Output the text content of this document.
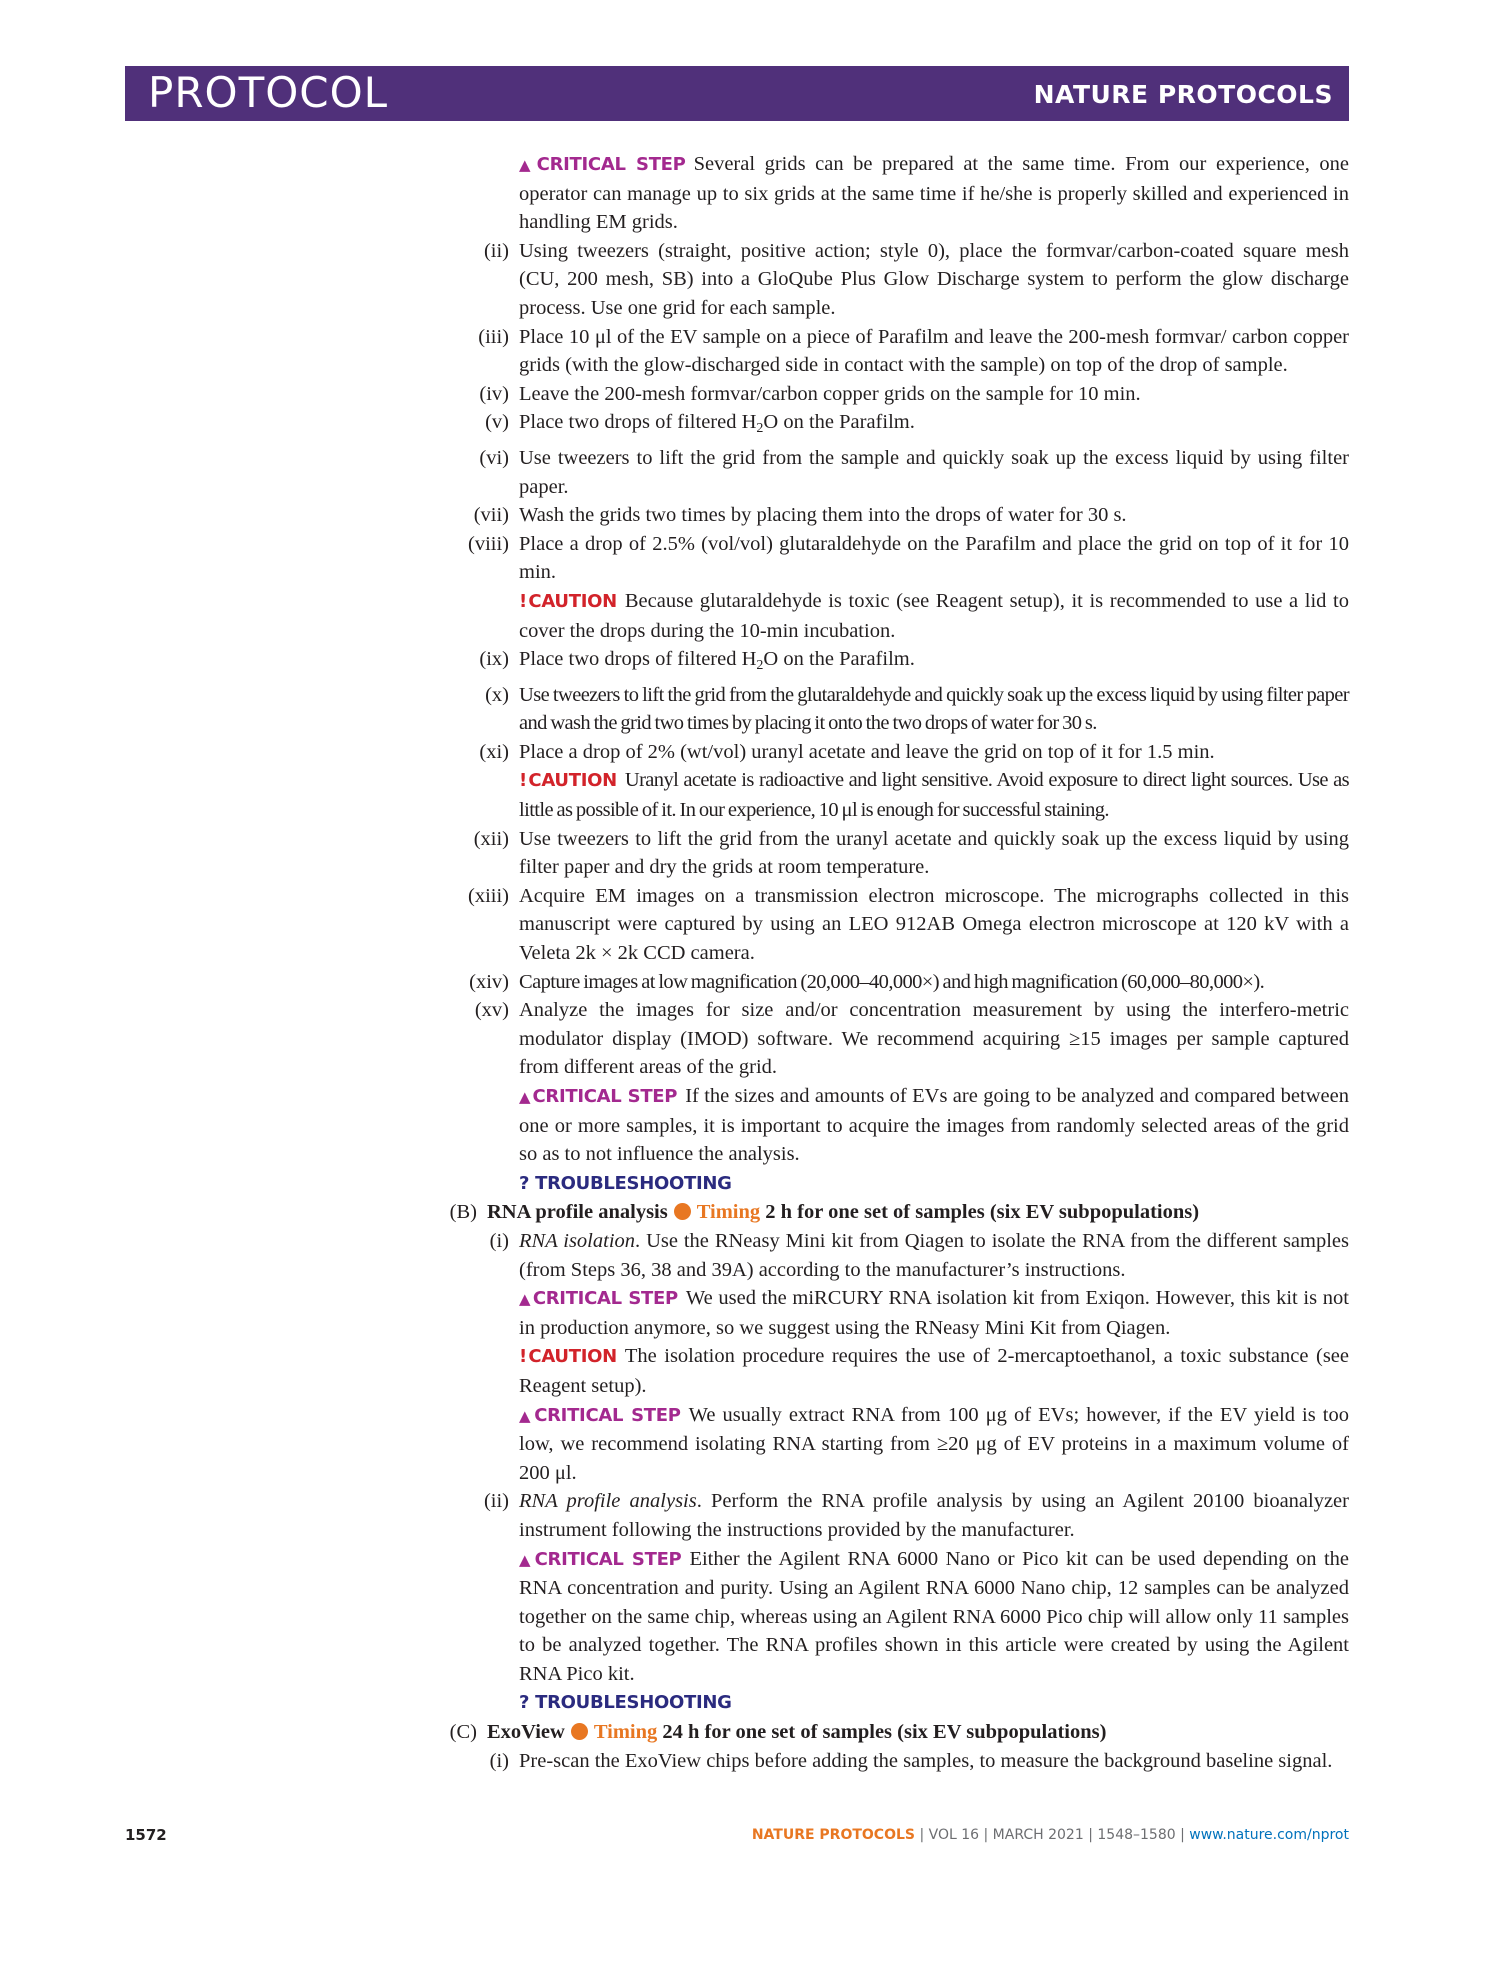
PROTOCOL	NATURE PROTOCOLS
▲ CRITICAL STEP Several grids can be prepared at the same time. From our experience, one operator can manage up to six grids at the same time if he/she is properly skilled and experienced in handling EM grids.
(ii) Using tweezers (straight, positive action; style 0), place the formvar/carbon-coated square mesh (CU, 200 mesh, SB) into a GloQube Plus Glow Discharge system to perform the glow discharge process. Use one grid for each sample.
(iii) Place 10 μl of the EV sample on a piece of Parafilm and leave the 200-mesh formvar/ carbon copper grids (with the glow-discharged side in contact with the sample) on top of the drop of sample.
(iv) Leave the 200-mesh formvar/carbon copper grids on the sample for 10 min.
(v) Place two drops of filtered $H_2O$ on the Parafilm.
(vi) Use tweezers to lift the grid from the sample and quickly soak up the excess liquid by using filter paper.
(vii) Wash the grids two times by placing them into the drops of water for 30 s.
(viii) Place a drop of 2.5% (vol/vol) glutaraldehyde on the Parafilm and place the grid on top of it for 10 min.
! CAUTION Because glutaraldehyde is toxic (see Reagent setup), it is recommended to use a lid to cover the drops during the 10-min incubation.
(ix) Place two drops of filtered $H_2O$ on the Parafilm.
(x) Use tweezers to lift the grid from the glutaraldehyde and quickly soak up the excess liquid by using filter paper and wash the grid two times by placing it onto the two drops of water for 30 s.
(xi) Place a drop of 2% (wt/vol) uranyl acetate and leave the grid on top of it for 1.5 min.
! CAUTION Uranyl acetate is radioactive and light sensitive. Avoid exposure to direct light sources. Use as little as possible of it. In our experience, 10 μl is enough for successful staining.
(xii) Use tweezers to lift the grid from the uranyl acetate and quickly soak up the excess liquid by using filter paper and dry the grids at room temperature.
(xiii) Acquire EM images on a transmission electron microscope. The micrographs collected in this manuscript were captured by using an LEO 912AB Omega electron microscope at 120 kV with a Veleta 2k × 2k CCD camera.
(xiv) Capture images at low magnification (20,000–40,000×) and high magnification (60,000–80,000×).
(xv) Analyze the images for size and/or concentration measurement by using the interfero-metric modulator display (IMOD) software. We recommend acquiring ≥15 images per sample captured from different areas of the grid.
▲ CRITICAL STEP If the sizes and amounts of EVs are going to be analyzed and compared between one or more samples, it is important to acquire the images from randomly selected areas of the grid so as to not influence the analysis.
? TROUBLESHOOTING
(B) RNA profile analysis Timing 2 h for one set of samples (six EV subpopulations)
(i) RNA isolation. Use the RNeasy Mini kit from Qiagen to isolate the RNA from the different samples (from Steps 36, 38 and 39A) according to the manufacturer’s instructions.
▲ CRITICAL STEP We used the miRCURY RNA isolation kit from Exiqon. However, this kit is not in production anymore, so we suggest using the RNeasy Mini Kit from Qiagen.
! CAUTION The isolation procedure requires the use of 2-mercaptoethanol, a toxic substance (see Reagent setup).
▲ CRITICAL STEP We usually extract RNA from 100 μg of EVs; however, if the EV yield is too low, we recommend isolating RNA starting from ≥20 μg of EV proteins in a maximum volume of 200 μl.
(ii) RNA profile analysis. Perform the RNA profile analysis by using an Agilent 20100 bioanalyzer instrument following the instructions provided by the manufacturer.
▲ CRITICAL STEP Either the Agilent RNA 6000 Nano or Pico kit can be used depending on the RNA concentration and purity. Using an Agilent RNA 6000 Nano chip, 12 samples can be analyzed together on the same chip, whereas using an Agilent RNA 6000 Pico chip will allow only 11 samples to be analyzed together. The RNA profiles shown in this article were created by using the Agilent RNA Pico kit.
? TROUBLESHOOTING
(C) ExoView Timing 24 h for one set of samples (six EV subpopulations)
(i) Pre-scan the ExoView chips before adding the samples, to measure the background baseline signal.
1572	NATURE PROTOCOLS | VOL 16 | MARCH 2021 | 1548–1580 | www.nature.com/nprot
